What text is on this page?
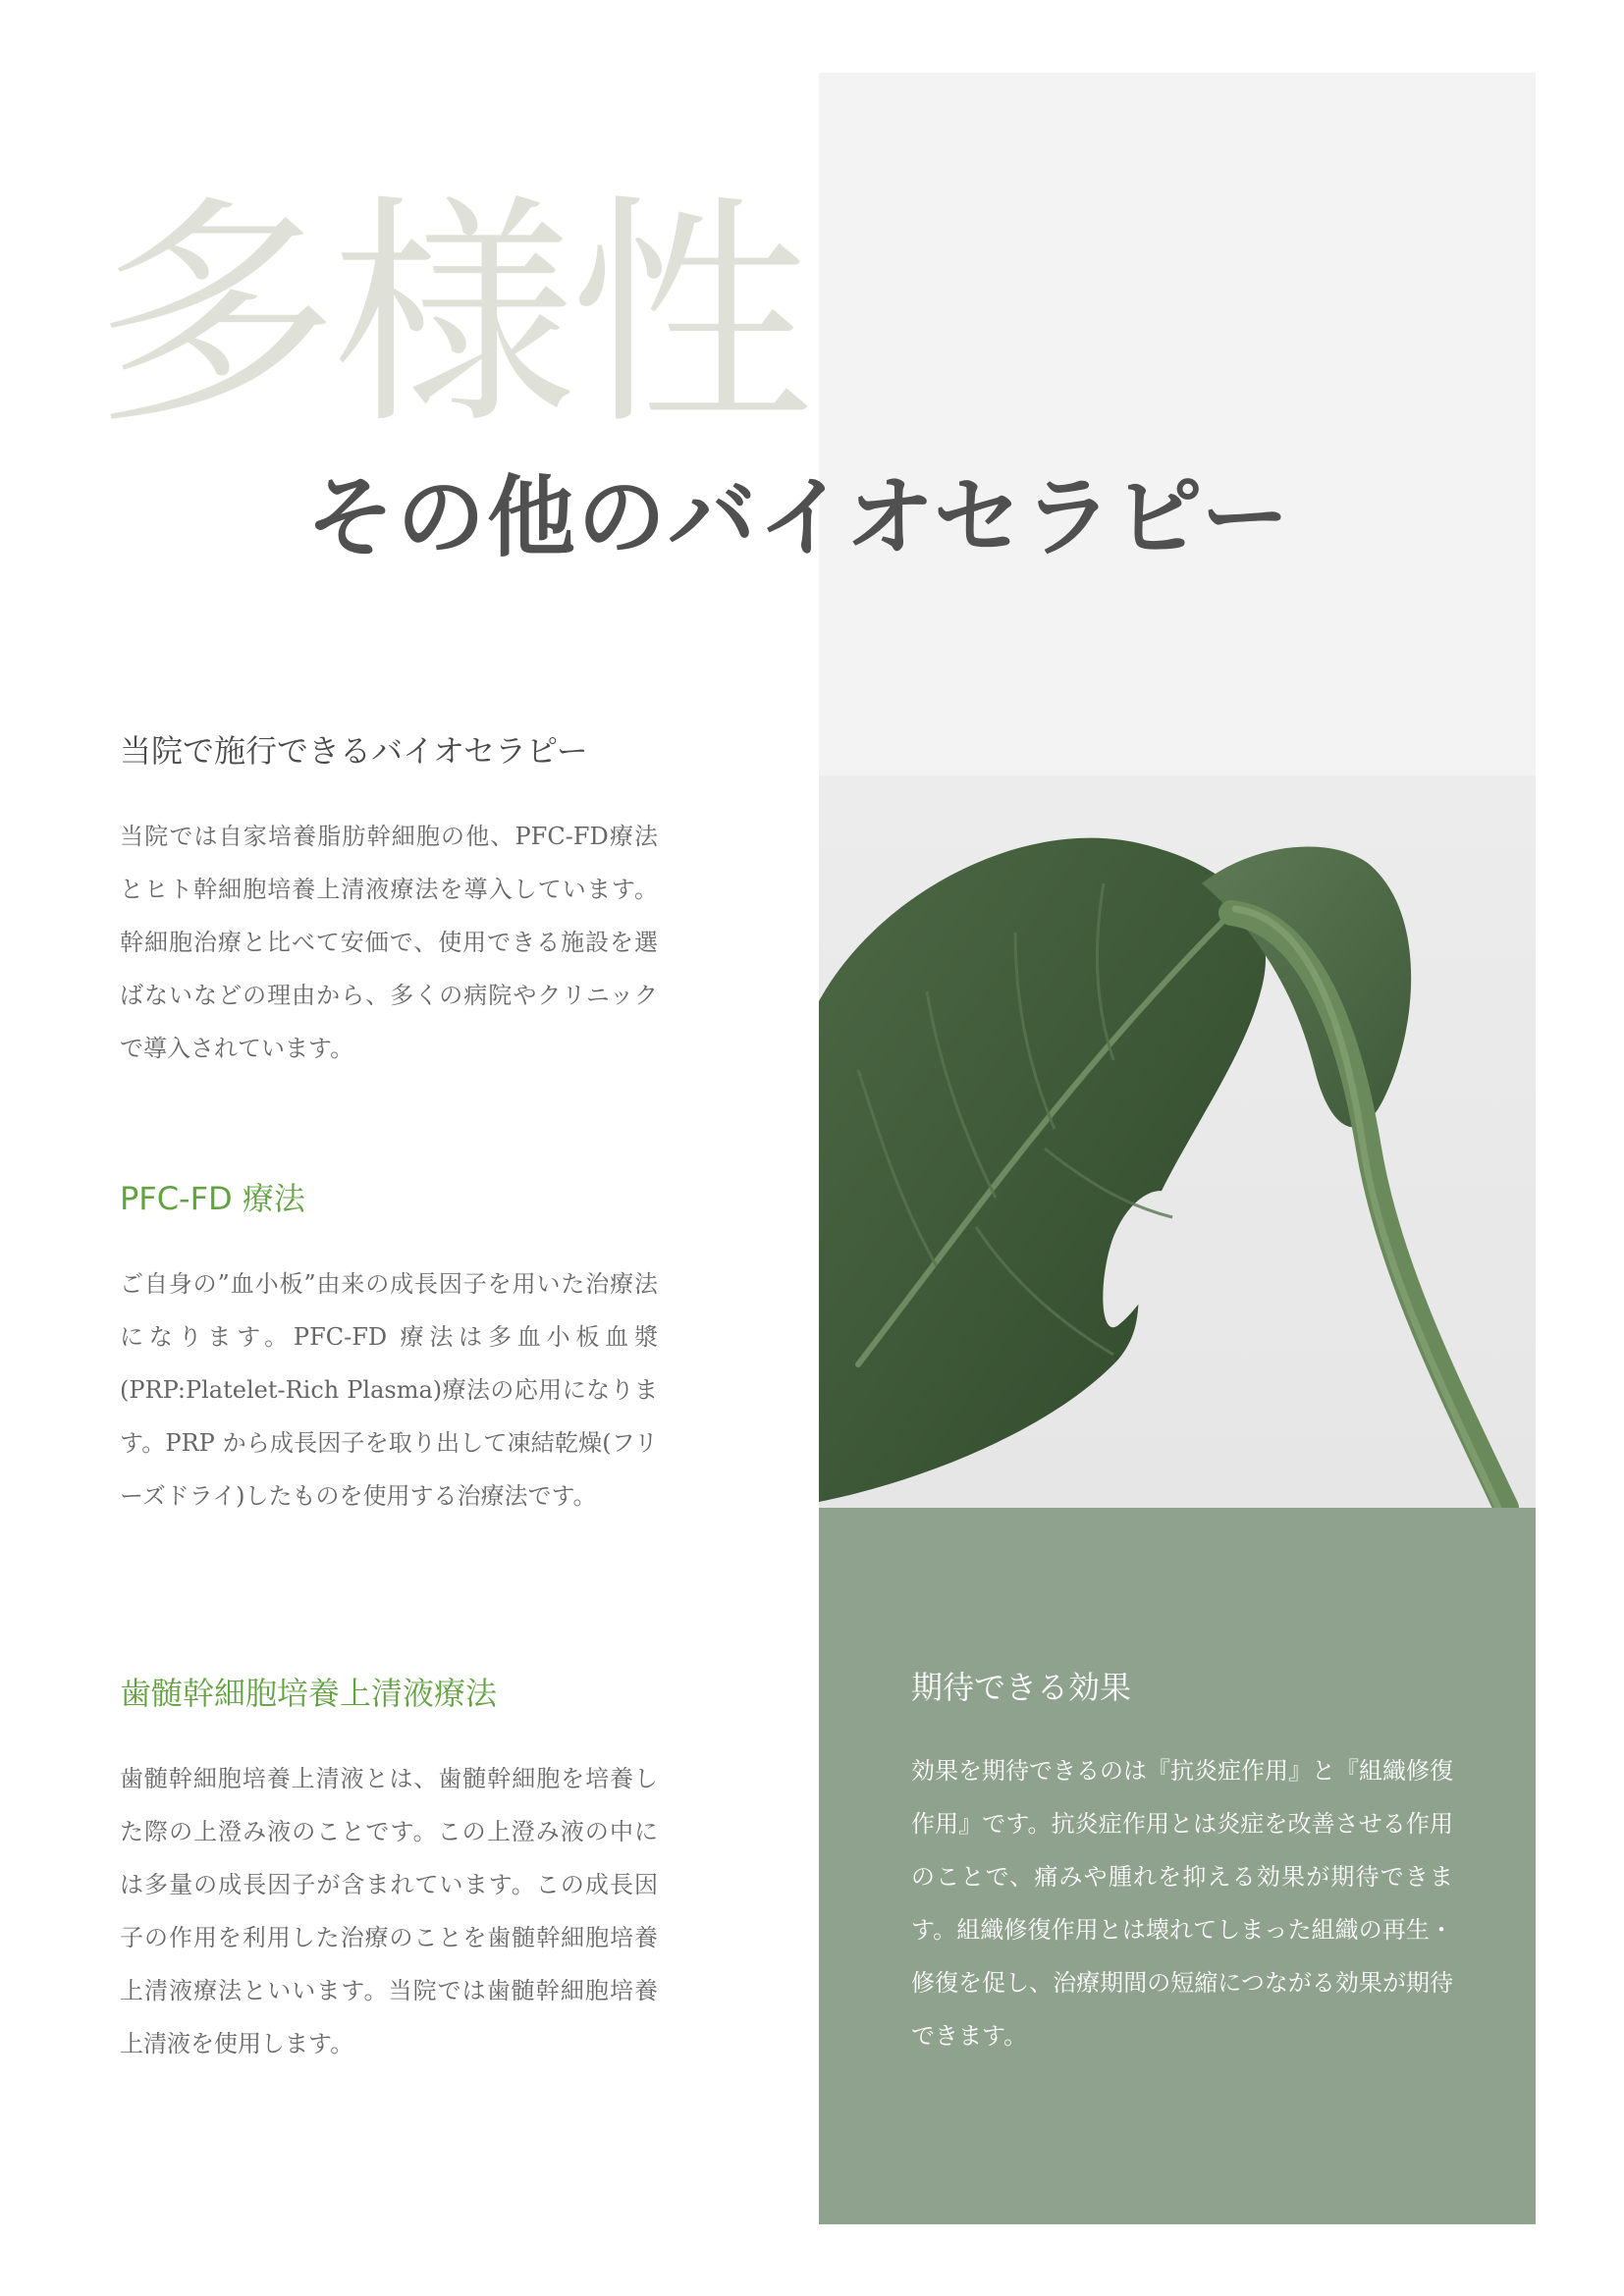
多様性
その他のバイオセラピー
当院で施行できるバイオセラピー

当院では自家培養脂肪幹細胞の他、PFC-FD療法とヒト幹細胞培養上清液療法を導入しています。幹細胞治療と比べて安価で、使用できる施設を選ばないなどの理由から、多くの病院やクリニックで導入されています。

PFC-FD 療法

ご自身の”血小板”由来の成長因子を用いた治療法になります。PFC-FD 療法は多血小板血漿(PRP:Platelet-Rich Plasma)療法の応用になります。PRP から成長因子を取り出して凍結乾燥(フリーズドライ)したものを使用する治療法です。

歯髄幹細胞培養上清液療法

歯髄幹細胞培養上清液とは、歯髄幹細胞を培養した際の上澄み液のことです。この上澄み液の中には多量の成長因子が含まれています。この成長因子の作用を利用した治療のことを歯髄幹細胞培養上清液療法といいます。当院では歯髄幹細胞培養上清液を使用します。

期待できる効果

効果を期待できるのは『抗炎症作用』と『組織修復作用』です。抗炎症作用とは炎症を改善させる作用のことで、痛みや腫れを抑える効果が期待できます。組織修復作用とは壊れてしまった組織の再生・修復を促し、治療期間の短縮につながる効果が期待できます。
